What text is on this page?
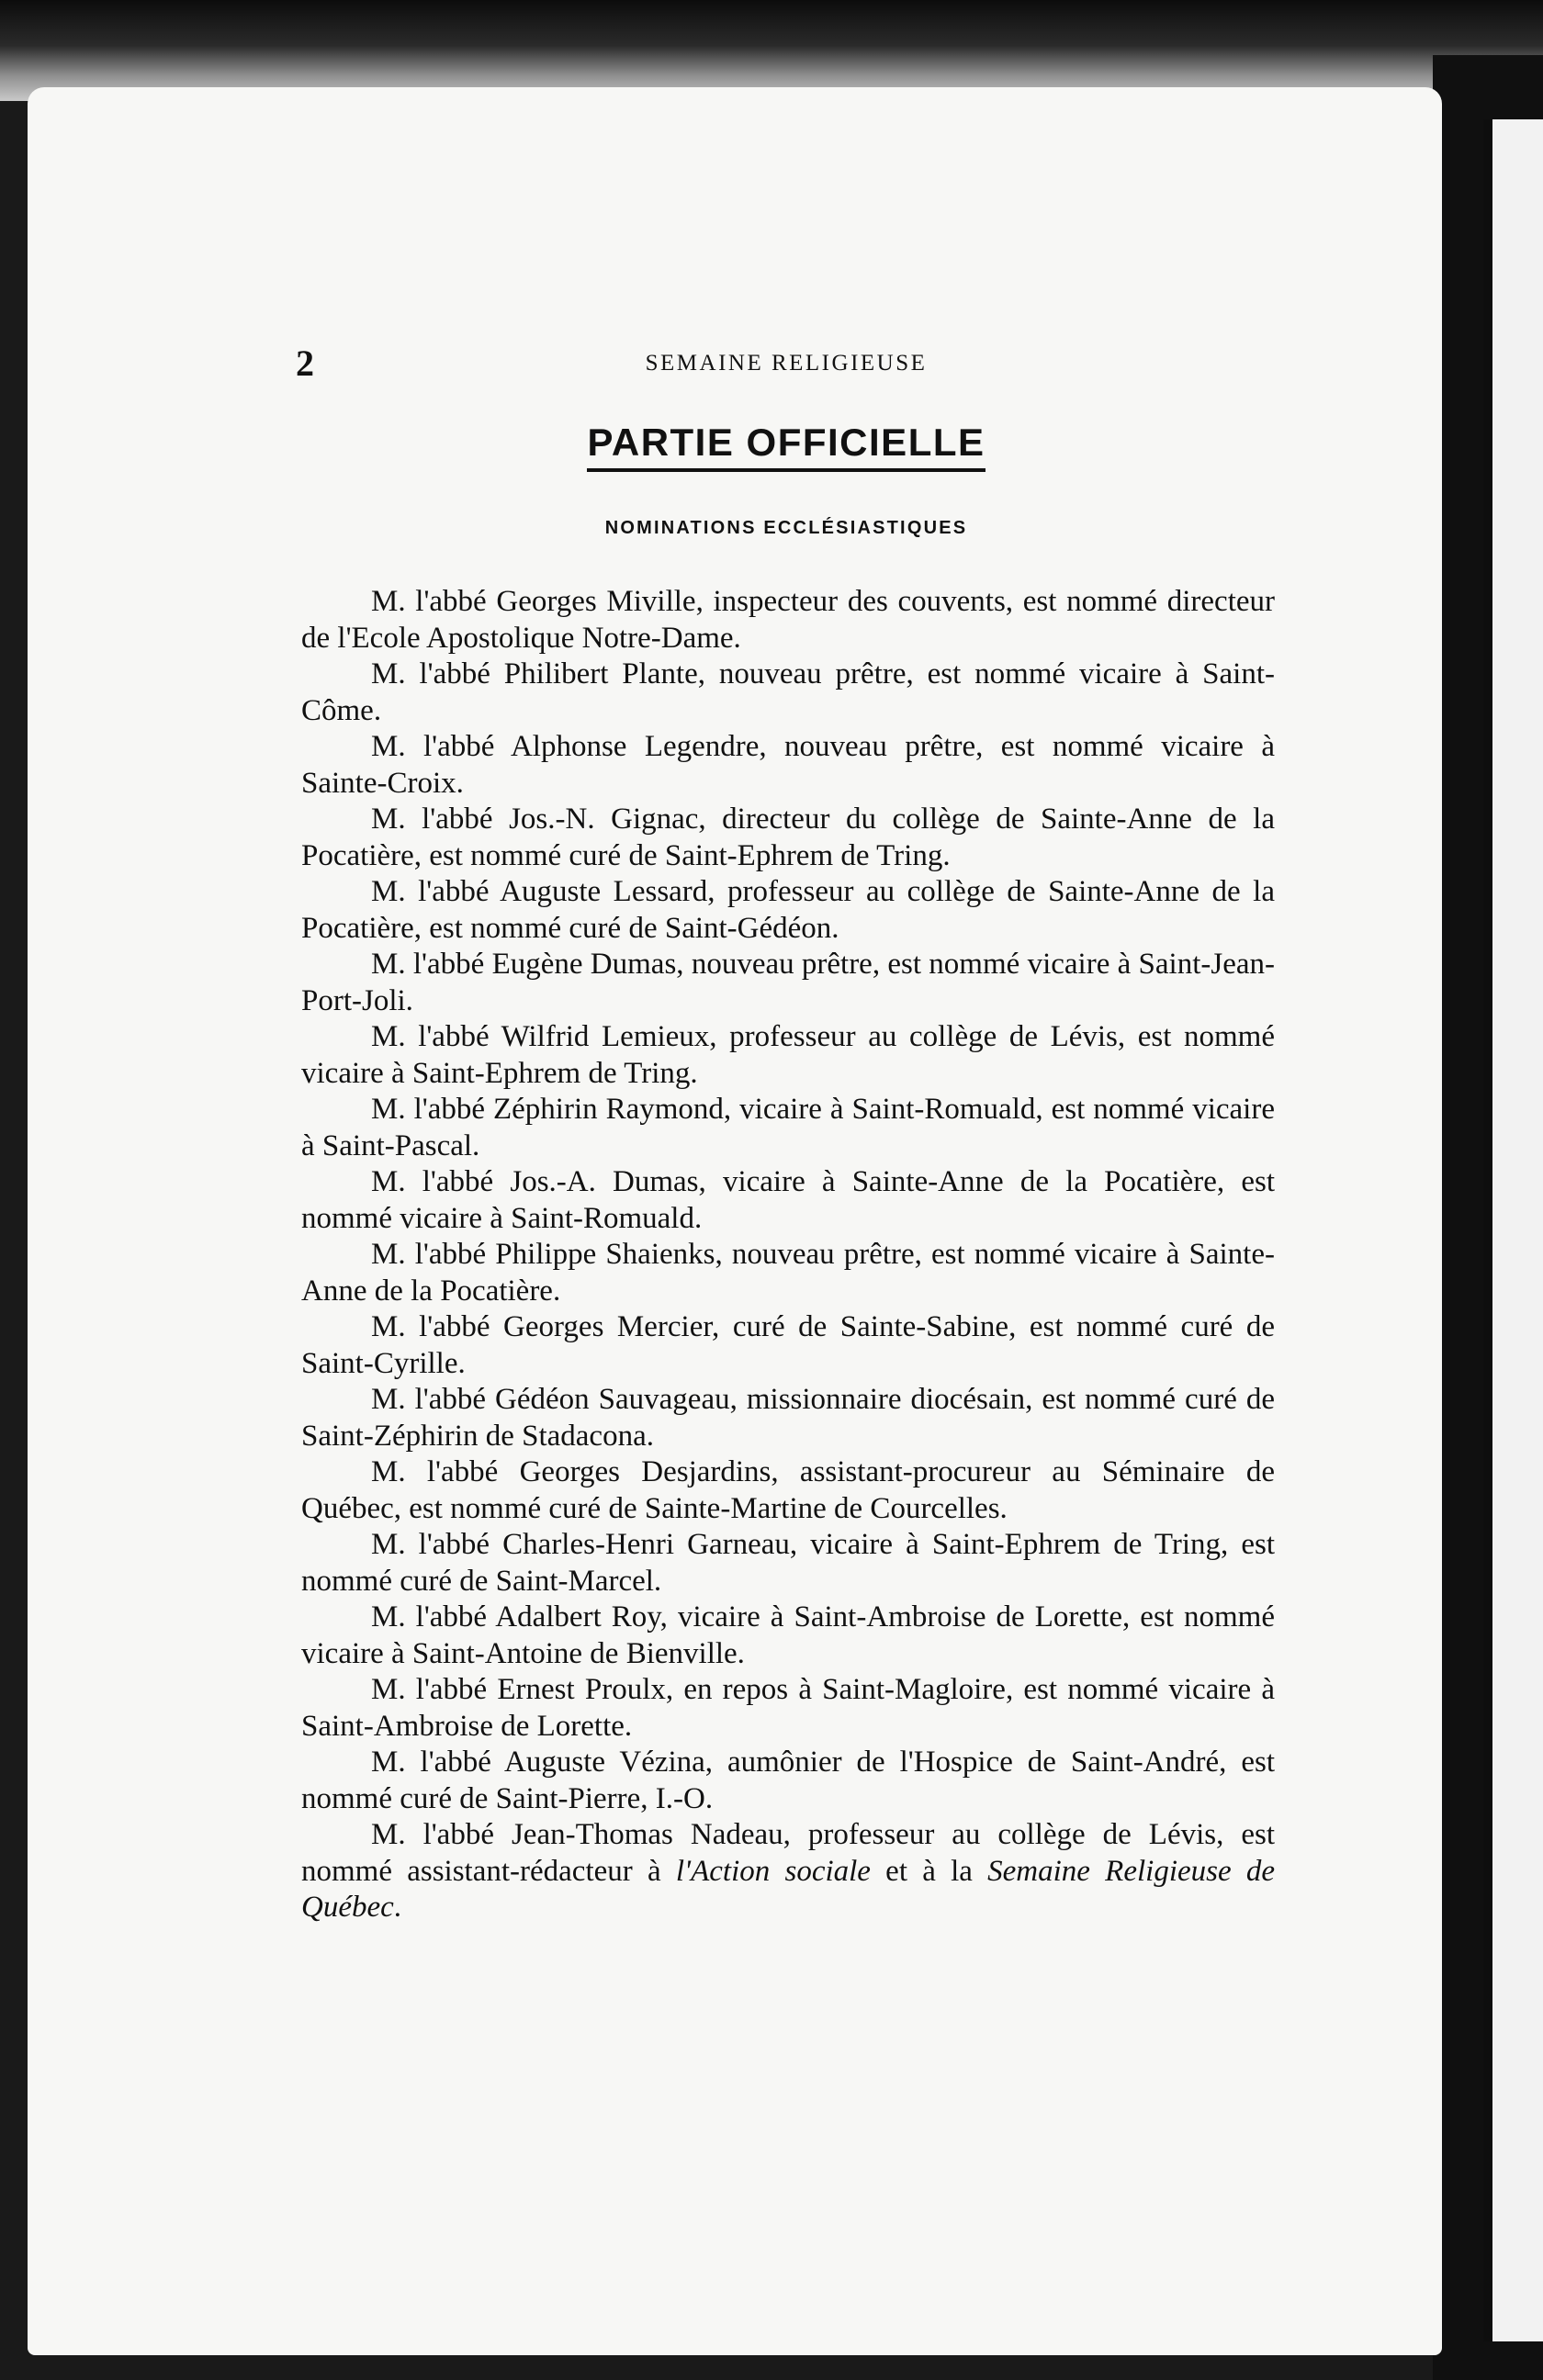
2	SEMAINE RELIGIEUSE
PARTIE OFFICIELLE
NOMINATIONS ECCLÉSIASTIQUES

M. l'abbé Georges Miville, inspecteur des couvents, est nommé directeur de l'Ecole Apostolique Notre-Dame.

M. l'abbé Philibert Plante, nouveau prêtre, est nommé vicaire à Saint-Côme.

M. l'abbé Alphonse Legendre, nouveau prêtre, est nommé vicaire à Sainte-Croix.

M. l'abbé Jos.-N. Gignac, directeur du collège de Sainte-Anne de la Pocatière, est nommé curé de Saint-Ephrem de Tring.

M. l'abbé Auguste Lessard, professeur au collège de Sainte-Anne de la Pocatière, est nommé curé de Saint-Gédéon.

M. l'abbé Eugène Dumas, nouveau prêtre, est nommé vicaire à Saint-Jean-Port-Joli.

M. l'abbé Wilfrid Lemieux, professeur au collège de Lévis, est nommé vicaire à Saint-Ephrem de Tring.

M. l'abbé Zéphirin Raymond, vicaire à Saint-Romuald, est nommé vicaire à Saint-Pascal.

M. l'abbé Jos.-A. Dumas, vicaire à Sainte-Anne de la Pocatière, est nommé vicaire à Saint-Romuald.

M. l'abbé Philippe Shaienks, nouveau prêtre, est nommé vicaire à Sainte-Anne de la Pocatière.

M. l'abbé Georges Mercier, curé de Sainte-Sabine, est nommé curé de Saint-Cyrille.

M. l'abbé Gédéon Sauvageau, missionnaire diocésain, est nommé curé de Saint-Zéphirin de Stadacona.

M. l'abbé Georges Desjardins, assistant-procureur au Séminaire de Québec, est nommé curé de Sainte-Martine de Courcelles.

M. l'abbé Charles-Henri Garneau, vicaire à Saint-Ephrem de Tring, est nommé curé de Saint-Marcel.

M. l'abbé Adalbert Roy, vicaire à Saint-Ambroise de Lorette, est nommé vicaire à Saint-Antoine de Bienville.

M. l'abbé Ernest Proulx, en repos à Saint-Magloire, est nommé vicaire à Saint-Ambroise de Lorette.

M. l'abbé Auguste Vézina, aumônier de l'Hospice de Saint-André, est nommé curé de Saint-Pierre, I.-O.

M. l'abbé Jean-Thomas Nadeau, professeur au collège de Lévis, est nommé assistant-rédacteur à l'Action sociale et à la Semaine Religieuse de Québec.
